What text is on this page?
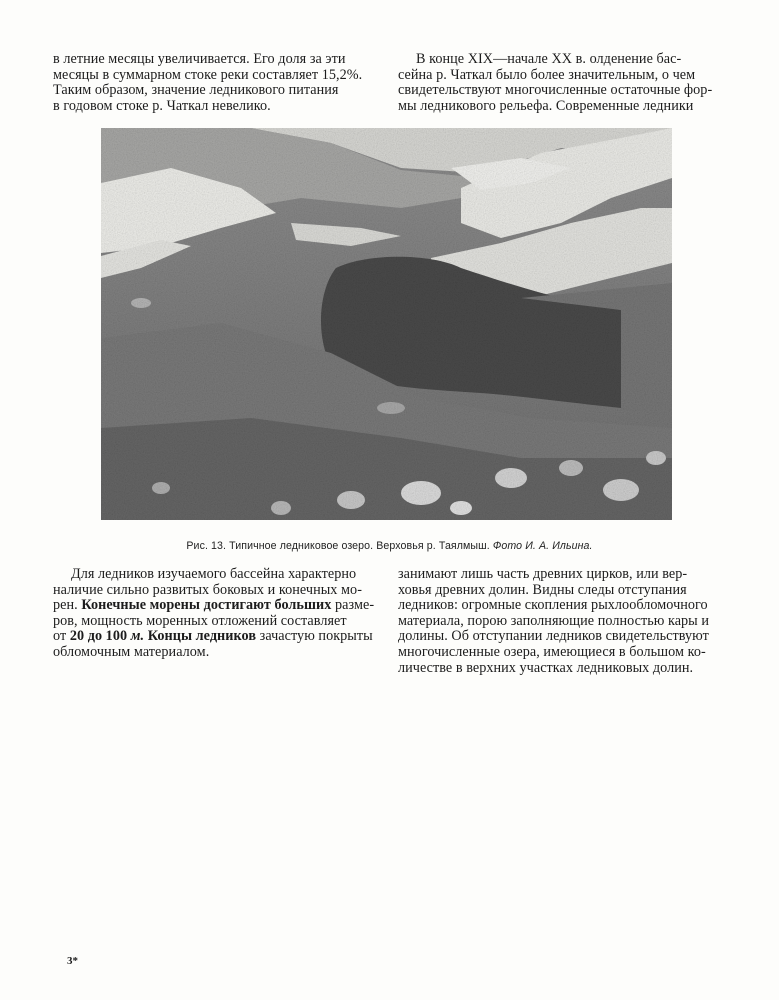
в летние месяцы увеличивается. Его доля за эти

месяцы в суммарном стоке реки составляет 15,2%.

Таким образом, значение ледникового питания

в годовом стоке р. Чаткал невелико.

В конце XIX—начале XX в. олденение бас-

сейна р. Чаткал было более значительным, о чем

свидетельствуют многочисленные остаточные фор-

мы ледникового рельефа. Современные ледники

Рис. 13. Типичное ледниковое озеро. Верховья р. Таялмыш. Фото И. А. Ильина.

Для ледников изучаемого бассейна характерно

наличие сильно развитых боковых и конечных мо-

рен. Конечные морены достигают больших разме-

ров, мощность моренных отложений составляет

от 20 до 100 м. Концы ледников зачастую покрыты

обломочным материалом.

занимают лишь часть древних цирков, или вер-

ховья древних долин. Видны следы отступания

ледников: огромные скопления рыхлообломочного

материала, порою заполняющие полностью кары и

долины. Об отступании ледников свидетельствуют

многочисленные озера, имеющиеся в большом ко-

личестве в верхних участках ледниковых долин.

3*
